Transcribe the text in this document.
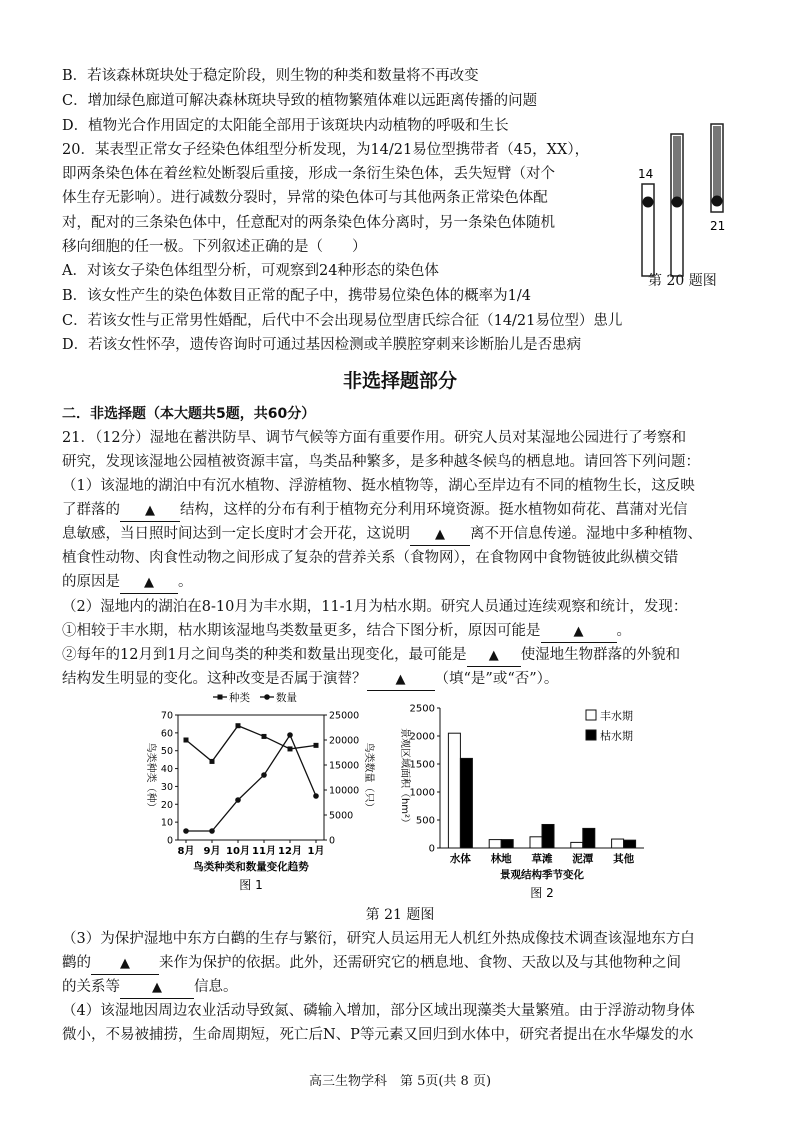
B．若该森林斑块处于稳定阶段，则生物的种类和数量将不再改变
C．增加绿色廊道可解决森林斑块导致的植物繁殖体难以远距离传播的问题
D．植物光合作用固定的太阳能全部用于该斑块内动植物的呼吸和生长
20．某表型正常女子经染色体组型分析发现，为14/21易位型携带者（45，XX），
即两条染色体在着丝粒处断裂后重接，形成一条衍生染色体，丢失短臂（对个
体生存无影响）。进行减数分裂时，异常的染色体可与其他两条正常染色体配
对，配对的三条染色体中，任意配对的两条染色体分离时，另一条染色体随机
移向细胞的任一极。下列叙述正确的是（　　）
A．对该女子染色体组型分析，可观察到24种形态的染色体
B．该女性产生的染色体数目正常的配子中，携带易位染色体的概率为1/4
C．若该女性与正常男性婚配，后代中不会出现易位型唐氏综合征（14/21易位型）患儿
D．若该女性怀孕，遗传咨询时可通过基因检测或羊膜腔穿刺来诊断胎儿是否患病
14
21
第 20 题图
非选择题部分
二．非选择题（本大题共5题，共60分）
21．（12分）湿地在蓄洪防旱、调节气候等方面有重要作用。研究人员对某湿地公园进行了考察和
研究，发现该湿地公园植被资源丰富，鸟类品种繁多，是多种越冬候鸟的栖息地。请回答下列问题：
（1）该湿地的湖泊中有沉水植物、浮游植物、挺水植物等，湖心至岸边有不同的植物生长，这反映
了群落的 ▲ 结构，这样的分布有利于植物充分利用环境资源。挺水植物如荷花、菖蒲对光信
息敏感，当日照时间达到一定长度时才会开花，这说明 ▲ 离不开信息传递。湿地中多种植物、
植食性动物、肉食性动物之间形成了复杂的营养关系（食物网），在食物网中食物链彼此纵横交错
的原因是 ▲ 。
（2）湿地内的湖泊在8-10月为丰水期，11-1月为枯水期。研究人员通过连续观察和统计，发现：
①相较于丰水期，枯水期该湿地鸟类数量更多，结合下图分析，原因可能是	▲ 。
②每年的12月到1月之间鸟类的种类和数量出现变化，最可能是 ▲ 使湿地生物群落的外貌和
结构发生明显的变化。这种改变是否属于演替？ ▲ （填“是”或“否”）。
种类 数量
0
10
20
30
40
50
60
70
0
5000
10000
15000
20000
25000
8月 9月 10月 11月 12月 1月
鸟类种类（种）	鸟类数量（只）
鸟类种类和数量变化趋势
图 1
0
500
1000
1500
2000
2500
景观区域面积（hm²）
水体 林地 草滩 泥潭 其他
丰水期
枯水期
景观结构季节变化
图 2
第 21 题图
（3）为保护湿地中东方白鹳的生存与繁衍，研究人员运用无人机红外热成像技术调查该湿地东方白
鹳的 ▲ 来作为保护的依据。此外，还需研究它的栖息地、食物、天敌以及与其他物种之间
的关系等 ▲ 信息。
（4）该湿地因周边农业活动导致氮、磷输入增加，部分区域出现藻类大量繁殖。由于浮游动物身体
微小，不易被捕捞，生命周期短，死亡后N、P等元素又回归到水体中，研究者提出在水华爆发的水
高三生物学科　第 5页(共 8 页)
